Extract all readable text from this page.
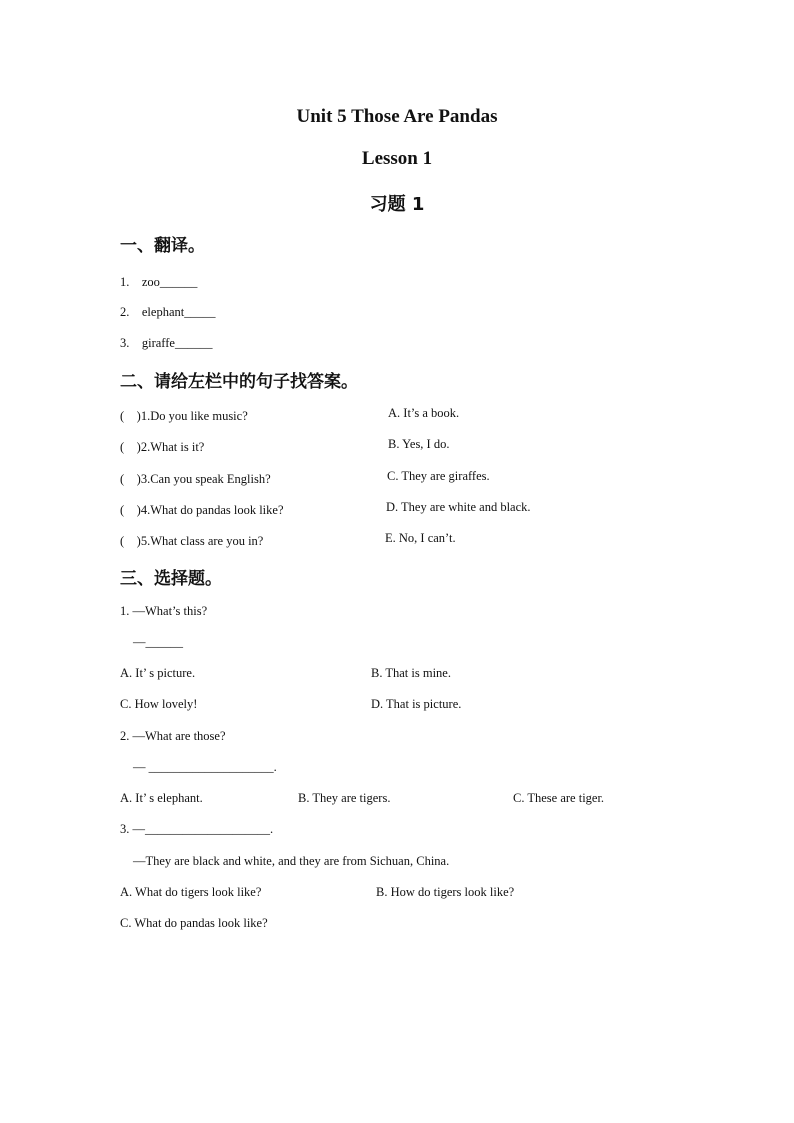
Unit 5 Those Are Pandas
Lesson 1
习题 1
一、翻译。
1.　zoo______
2.　elephant_____
3.　giraffe______
二、请给左栏中的句子找答案。
(　)1.Do you like music?	A. It’s a book.
(　)2.What is it?	B. Yes, I do.
(　)3.Can you speak English?	C. They are giraffes.
(　)4.What do pandas look like?	D. They are white and black.
(　)5.What class are you in?	E. No, I can’t.
三、选择题。
1. —What’s this?
—______
A. It’ s picture.	B. That is mine.
C. How lovely!	D. That is picture.
2. —What are those?
— ____________________.
A. It’ s elephant.	B. They are tigers.	C. These are tiger.
3. —____________________.
—They are black and white, and they are from Sichuan, China.
A. What do tigers look like?	B. How do tigers look like?
C. What do pandas look like?
